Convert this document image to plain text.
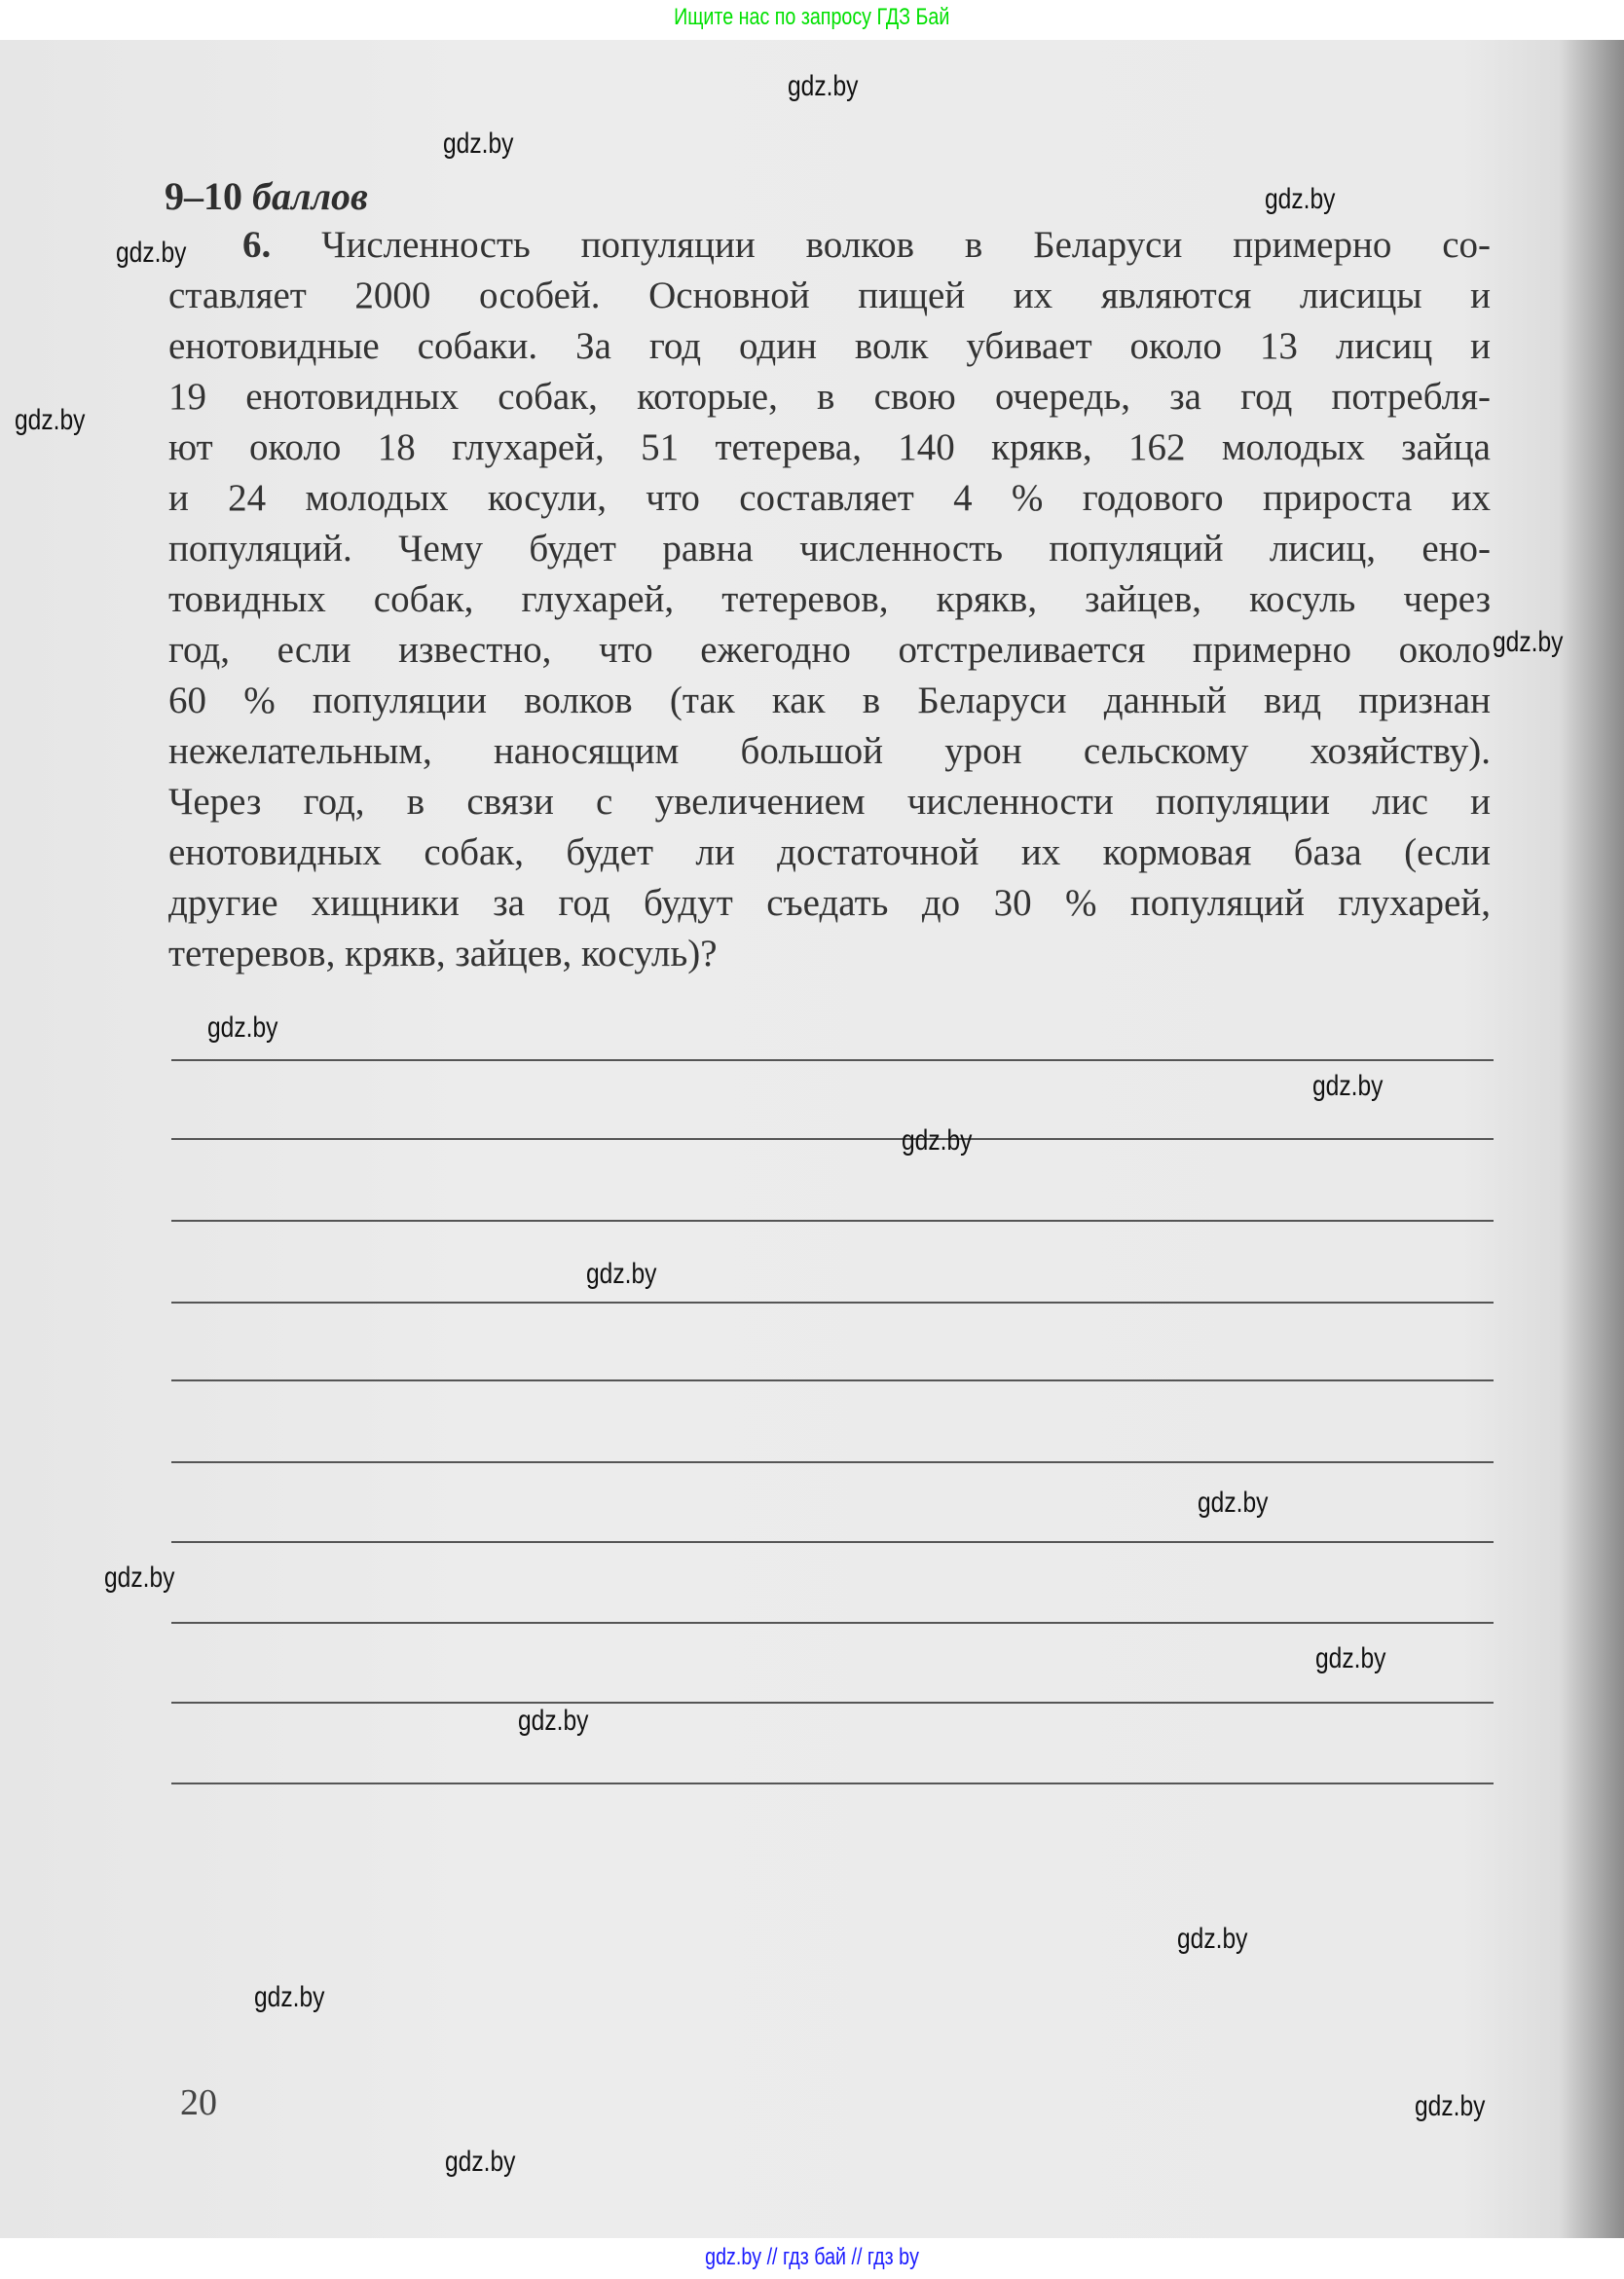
Ищите нас по запросу ГДЗ Бай
9–10 баллов
6. Численность популяции волков в Беларуси примерно со-
ставляет 2000 особей. Основной пищей их являются лисицы и
енотовидные собаки. За год один волк убивает около 13 лисиц и
19 енотовидных собак, которые, в свою очередь, за год потребля-
ют около 18 глухарей, 51 тетерева, 140 крякв, 162 молодых зайца
и 24 молодых косули, что составляет 4 % годового прироста их
популяций. Чему будет равна численность популяций лисиц, ено-
товидных собак, глухарей, тетеревов, крякв, зайцев, косуль через
год, если известно, что ежегодно отстреливается примерно около
60 % популяции волков (так как в Беларуси данный вид признан
нежелательным, наносящим большой урон сельскому хозяйству).
Через год, в связи с увеличением численности популяции лис и
енотовидных собак, будет ли достаточной их кормовая база (если
другие хищники за год будут съедать до 30 % популяций глухарей,
тетеревов, крякв, зайцев, косуль)?
gdz.by
gdz.by
gdz.by
gdz.by
gdz.by
gdz.by
gdz.by
gdz.by
gdz.by
gdz.by
gdz.by
gdz.by
gdz.by
gdz.by
gdz.by
gdz.by
gdz.by
gdz.by
20
gdz.by // гдз бай // гдз by
